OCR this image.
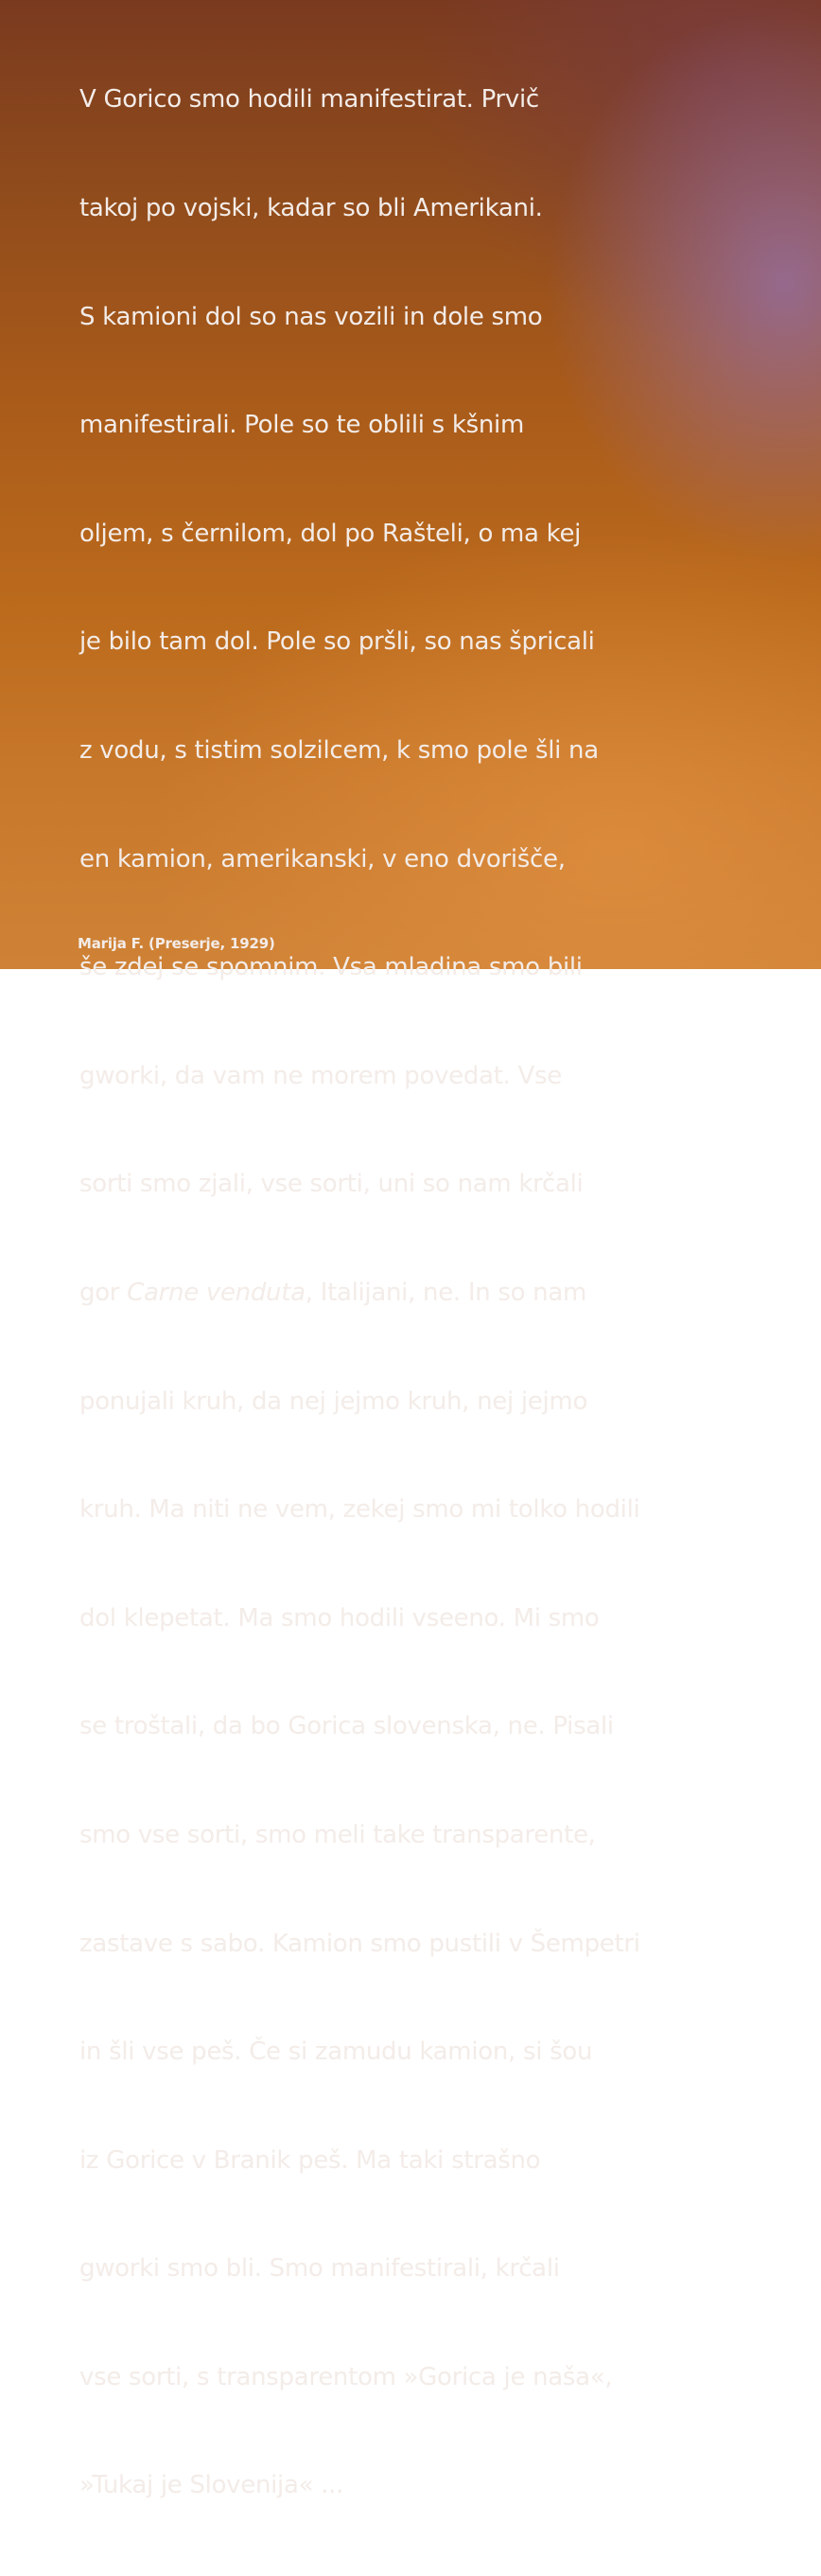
V Gorico smo hodili manifestirat. Prvič

takoj po vojski, kadar so bli Amerikani.

S kamioni dol so nas vozili in dole smo

manifestirali. Pole so te oblili s kšnim

oljem, s černilom, dol po Rašteli, o ma kej

je bilo tam dol. Pole so pršli, so nas špricali

z vodu, s tistim solzilcem, k smo pole šli na

en kamion, amerikanski, v eno dvorišče,

še zdej se spomnim. Vsa mladina smo bili

gworki, da vam ne morem povedat. Vse

sorti smo zjali, vse sorti, uni so nam krčali

gor Carne venduta, Italijani, ne. In so nam

ponujali kruh, da nej jejmo kruh, nej jejmo

kruh. Ma niti ne vem, zekej smo mi tolko hodili

dol klepetat. Ma smo hodili vseeno. Mi smo

se troštali, da bo Gorica slovenska, ne. Pisali

smo vse sorti, smo meli take transparente,

zastave s sabo. Kamion smo pustili v Šempetri

in šli vse peš. Če si zamudu kamion, si šou

iz Gorice v Branik peš. Ma taki strašno

gworki smo bli. Smo manifestirali, krčali

vse sorti, s transparentom »Gorica je naša«,

»Tukaj je Slovenija« ...

Marija F. (Preserje, 1929)
